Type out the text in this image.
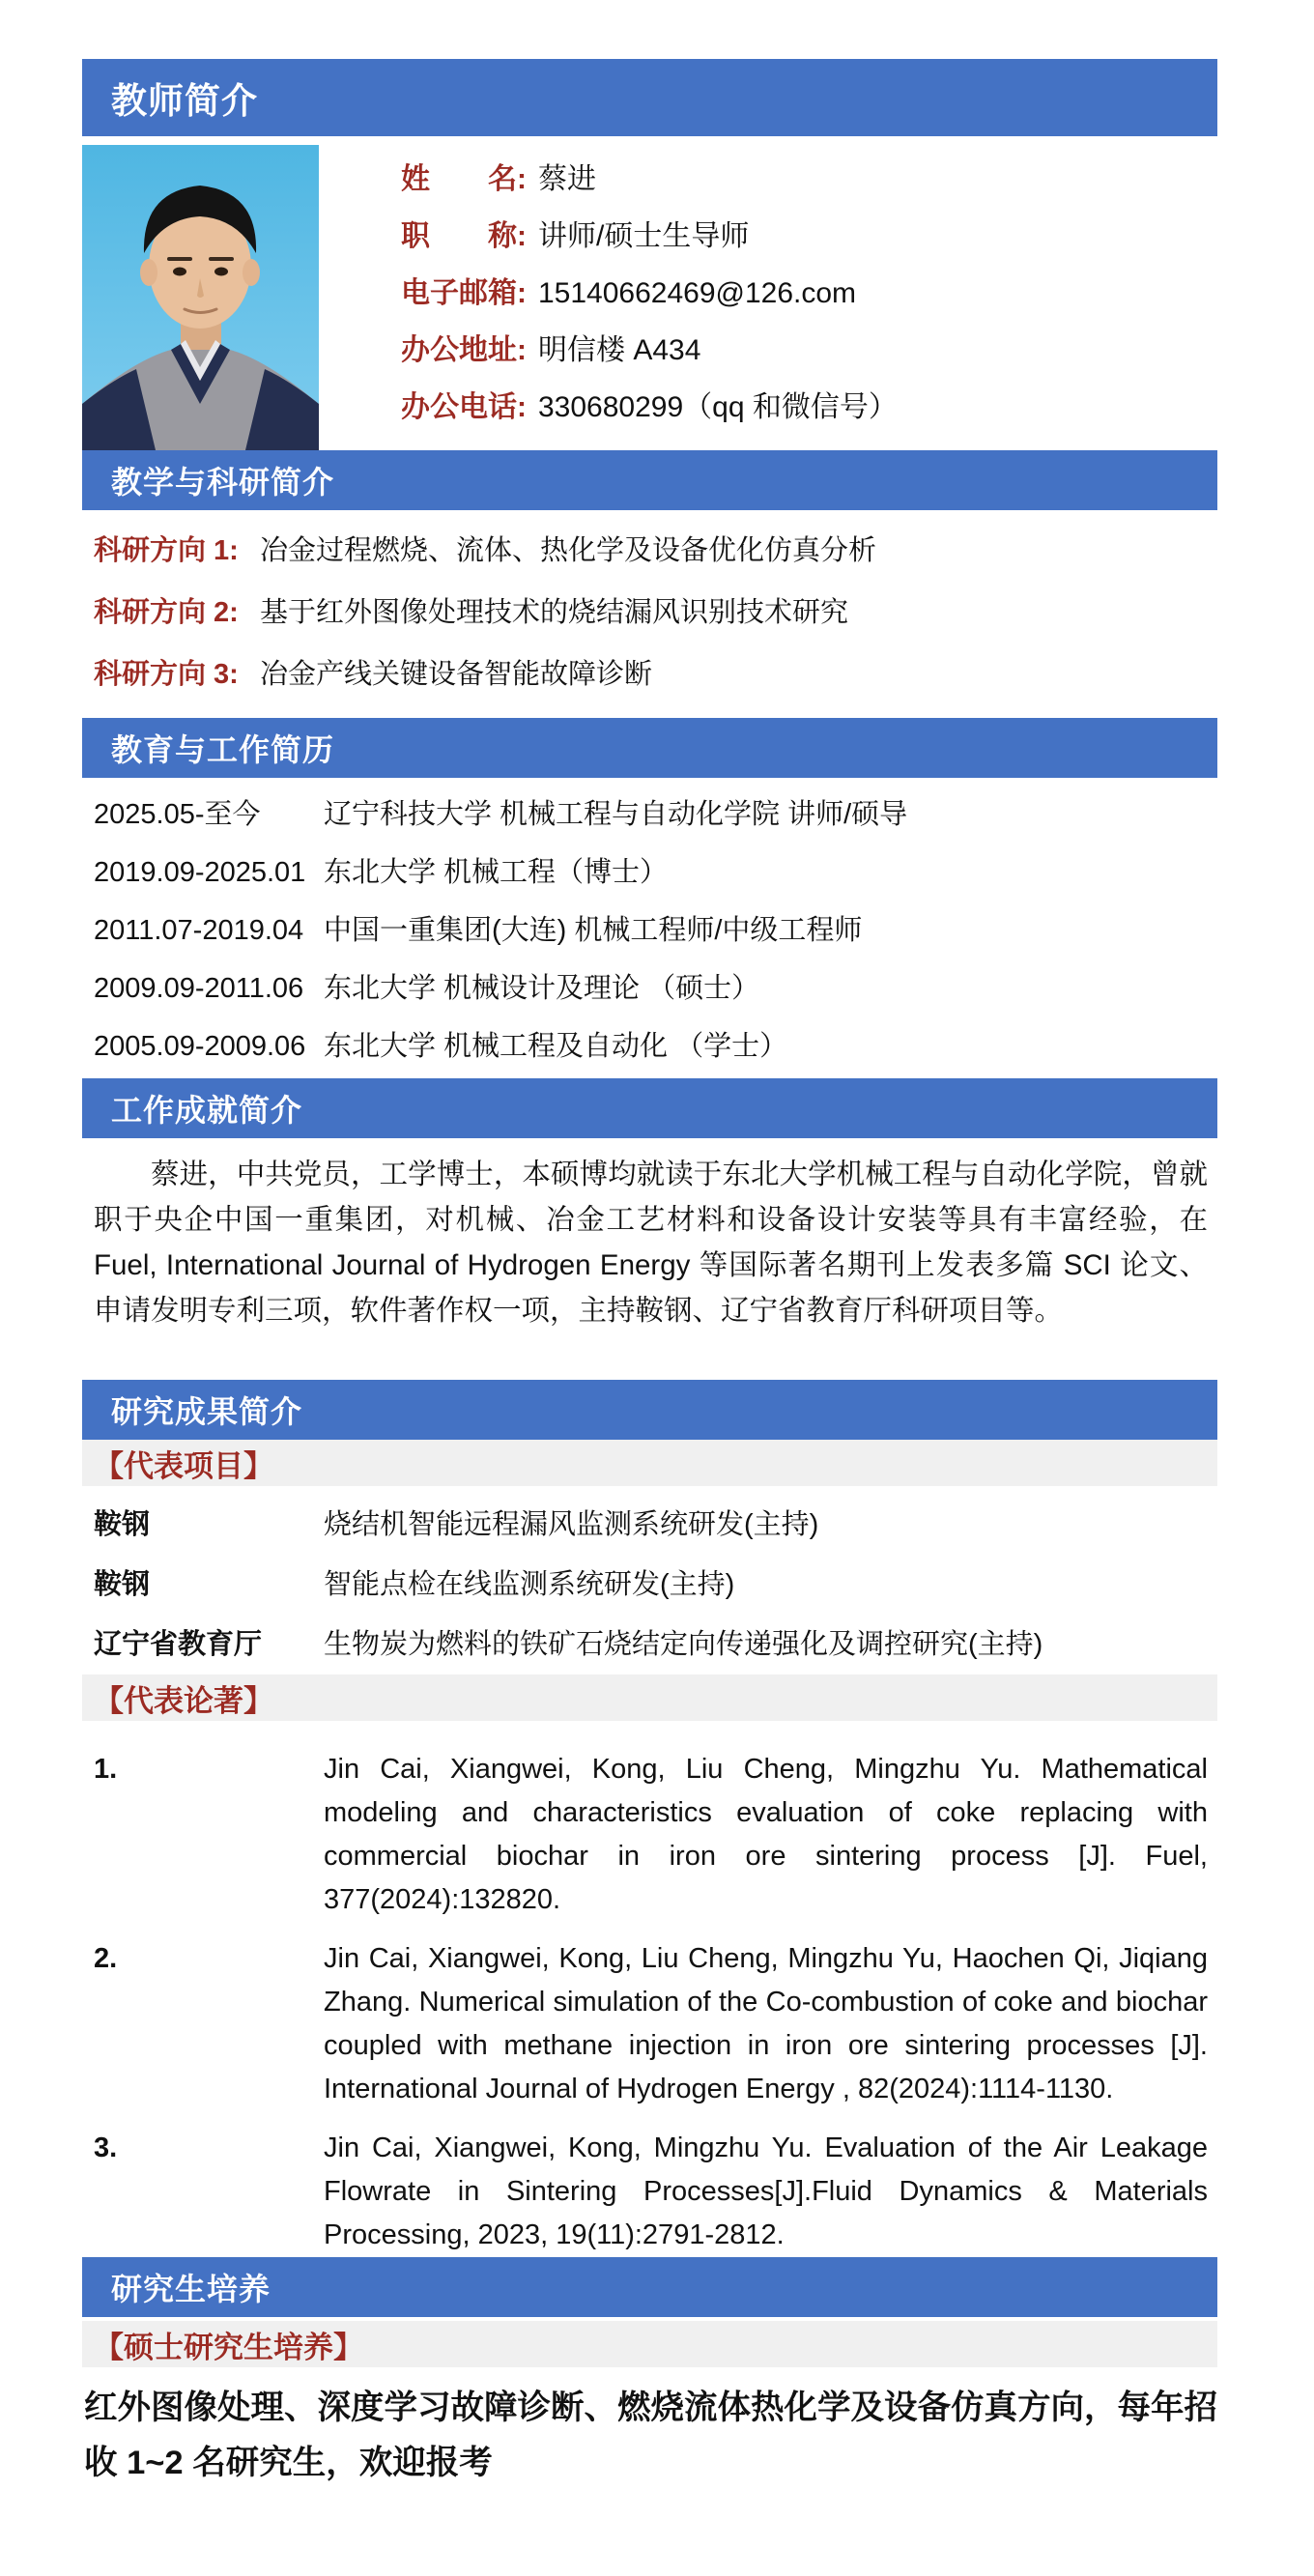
教师简介
姓　　名: 蔡进
职　　称: 讲师/硕士生导师
电子邮箱: 15140662469@126.com
办公地址: 明信楼 A434
办公电话: 330680299（qq 和微信号）
教学与科研简介
科研方向 1: 冶金过程燃烧、流体、热化学及设备优化仿真分析
科研方向 2: 基于红外图像处理技术的烧结漏风识别技术研究
科研方向 3: 冶金产线关键设备智能故障诊断
教育与工作简历
2025.05-至今	辽宁科技大学 机械工程与自动化学院 讲师/硕导
2019.09-2025.01 东北大学 机械工程（博士）
2011.07-2019.04 中国一重集团(大连) 机械工程师/中级工程师
2009.09-2011.06 东北大学 机械设计及理论 （硕士）
2005.09-2009.06 东北大学 机械工程及自动化 （学士）
工作成就简介
蔡进，中共党员，工学博士，本硕博均就读于东北大学机械工程与自动化学院，曾就职于央企中国一重集团，对机械、冶金工艺材料和设备设计安装等具有丰富经验，在 Fuel, International Journal of Hydrogen Energy 等国际著名期刊上发表多篇 SCI 论文、申请发明专利三项，软件著作权一项，主持鞍钢、辽宁省教育厅科研项目等。
研究成果简介
【代表项目】
鞍钢	烧结机智能远程漏风监测系统研发(主持)
鞍钢	智能点检在线监测系统研发(主持)
辽宁省教育厅	生物炭为燃料的铁矿石烧结定向传递强化及调控研究(主持)
【代表论著】
1.	Jin Cai, Xiangwei, Kong, Liu Cheng, Mingzhu Yu. Mathematical modeling and characteristics evaluation of coke replacing with commercial biochar in iron ore sintering process [J]. Fuel, 377(2024):132820.
2.	Jin Cai, Xiangwei, Kong, Liu Cheng, Mingzhu Yu, Haochen Qi, Jiqiang Zhang. Numerical simulation of the Co-combustion of coke and biochar coupled with methane injection in iron ore sintering processes [J]. International Journal of Hydrogen Energy , 82(2024):1114-1130.
3.	Jin Cai, Xiangwei, Kong, Mingzhu Yu. Evaluation of the Air Leakage Flowrate in Sintering Processes[J].Fluid Dynamics & Materials Processing, 2023, 19(11):2791-2812.
研究生培养
【硕士研究生培养】
红外图像处理、深度学习故障诊断、燃烧流体热化学及设备仿真方向，每年招收 1~2 名研究生，欢迎报考
